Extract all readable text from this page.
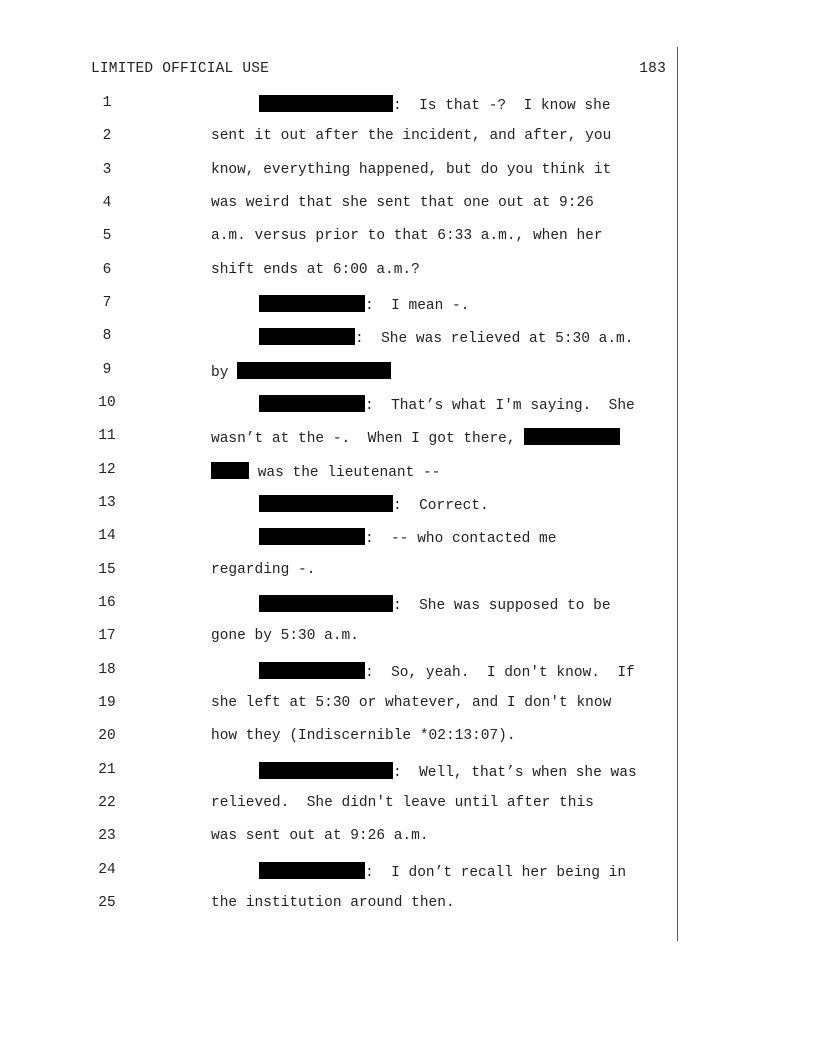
LIMITED OFFICIAL USE	183
1	:  Is that -?  I know she
2	sent it out after the incident, and after, you
3	know, everything happened, but do you think it
4	was weird that she sent that one out at 9:26
5	a.m. versus prior to that 6:33 a.m., when her
6	shift ends at 6:00 a.m.?
7	:  I mean -.
8	:  She was relieved at 5:30 a.m.
9	by
10	:  That’s what I'm saying.  She
11	wasn’t at the -.  When I got there,
12	was the lieutenant --
13	:  Correct.
14	:  -- who contacted me
15	regarding -.
16	:  She was supposed to be
17	gone by 5:30 a.m.
18	:  So, yeah.  I don't know.  If
19	she left at 5:30 or whatever, and I don't know
20	how they (Indiscernible *02:13:07).
21	:  Well, that’s when she was
22	relieved.  She didn't leave until after this
23	was sent out at 9:26 a.m.
24	:  I don’t recall her being in
25	the institution around then.
